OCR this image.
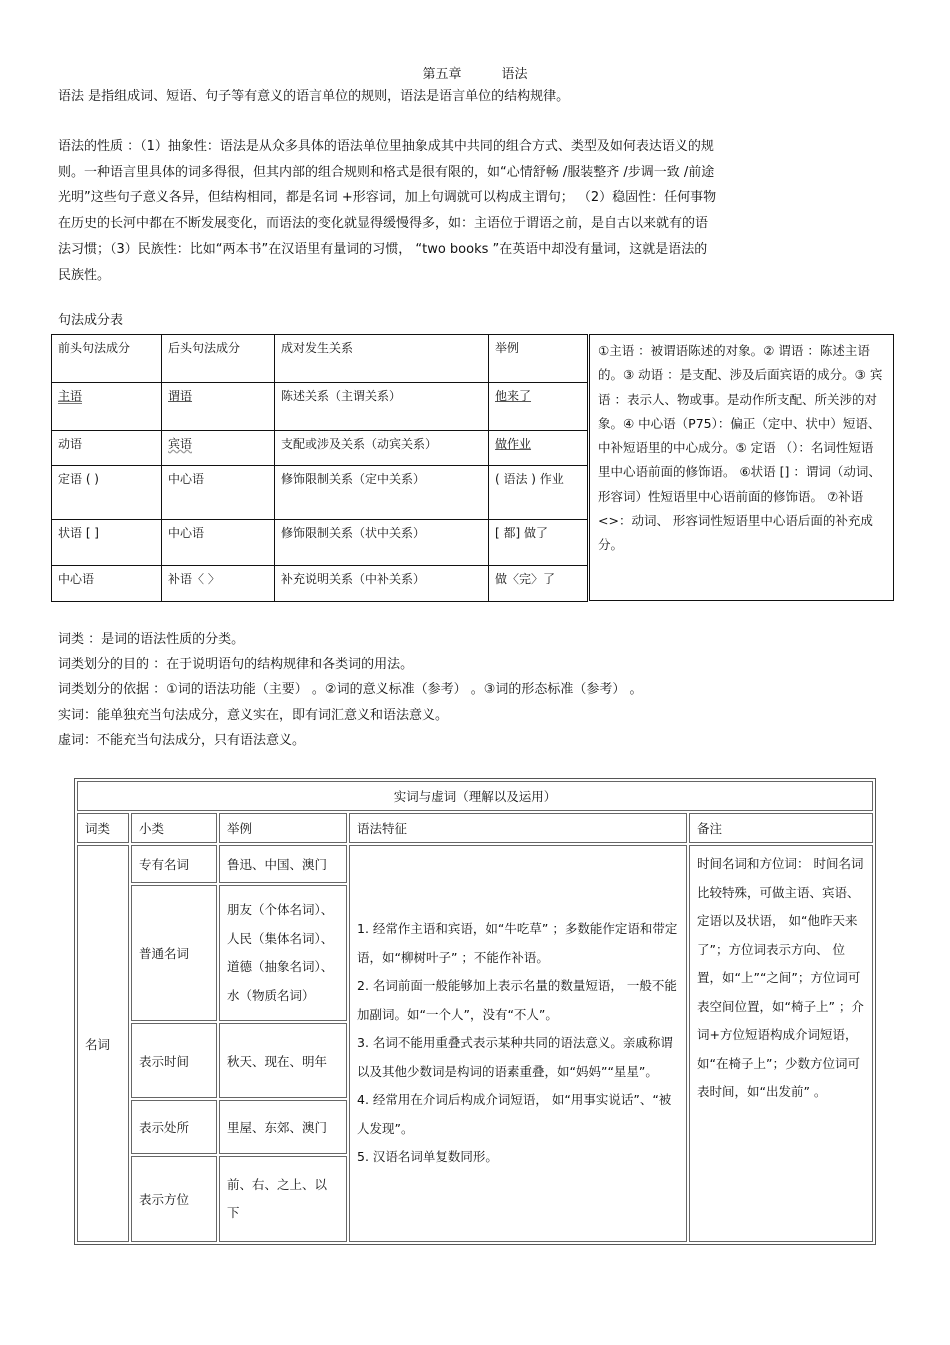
第五章	语法
语法 是指组成词、短语、句子等有意义的语言单位的规则，语法是语言单位的结构规律。
语法的性质 ：（1）抽象性：语法是从众多具体的语法单位里抽象成其中共同的组合方式、类型及如何表达语义的规
则。一种语言里具体的词多得很，但其内部的组合规则和格式是很有限的，如“心情舒畅 /服装整齐 /步调一致 /前途
光明”这些句子意义各异，但结构相同，都是名词 +形容词，加上句调就可以构成主谓句； （2）稳固性：任何事物
在历史的长河中都在不断发展变化，而语法的变化就显得缓慢得多，如：主语位于谓语之前，是自古以来就有的语
法习惯；（3）民族性：比如“两本书”在汉语里有量词的习惯， “two books ”在英语中却没有量词，这就是语法的
民族性。
句法成分表
前头句法成分	后头句法成分	成对发生关系	举例
主语	谓语	陈述关系（主谓关系）	他来了
动语	宾语	支配或涉及关系（动宾关系）	做作业
定语 ( )	中心语	修饰限制关系（定中关系）	( 语法 ) 作业
状语 [ ]	中心语	修饰限制关系（状中关系）	[ 都] 做了
中心语	补语〈 〉	补充说明关系（中补关系）	做〈完〉了
①主语 ：被谓语陈述的对象。② 谓语 ：陈述主语的。③ 动语 ：是支配、涉及后面宾语的成分。③ 宾语 ：表示人、物或事。是动作所支配、所关涉的对象。④ 中心语（P75）：偏正（定中、状中）短语、中补短语里的中心成分。⑤ 定语 （）：名词性短语里中心语前面的修饰语。 ⑥状语 [] ：谓词（动词、形容词）性短语里中心语前面的修饰语。 ⑦补语 <>：动词、 形容词性短语里中心语后面的补充成分。
词类 ：是词的语法性质的分类。
词类划分的目的 ：在于说明语句的结构规律和各类词的用法。
词类划分的依据 ：①词的语法功能（主要） 。②词的意义标准（参考） 。③词的形态标准（参考） 。
实词：能单独充当句法成分，意义实在，即有词汇意义和语法意义。
虚词：不能充当句法成分，只有语法意义。
实词与虚词（理解以及运用）				
词类	小类	举例	语法特征	备注
名词	专有名词	鲁迅、中国、澳门	1. 经常作主语和宾语，如“牛吃草” ；多数能作定语和带定语，如“柳树叶子” ；不能作补语。
2. 名词前面一般能够加上表示名量的数量短语， 一般不能加副词。如“一个人”，没有“不人”。
3. 名词不能用重叠式表示某种共同的语法意义。亲戚称谓以及其他少数词是构词的语素重叠，如“妈妈”“星星”。
4. 经常用在介词后构成介词短语， 如“用事实说话”、“被人发现”。
5. 汉语名词单复数同形。	时间名词和方位词： 时间名词比较特殊，可做主语、宾语、定语以及状语， 如“他昨天来了”；方位词表示方向、 位置，如“上”“之间”；方位词可表空间位置，如“椅子上” ；介词+方位短语构成介词短语，如“在椅子上”；少数方位词可表时间，如“出发前” 。
	普通名词	朋友（个体名词）、人民（集体名词）、道德（抽象名词）、水（物质名词）		
	表示时间	秋天、现在、明年		
	表示处所	里屋、东郊、澳门		
	表示方位	前、右、之上、以下		
